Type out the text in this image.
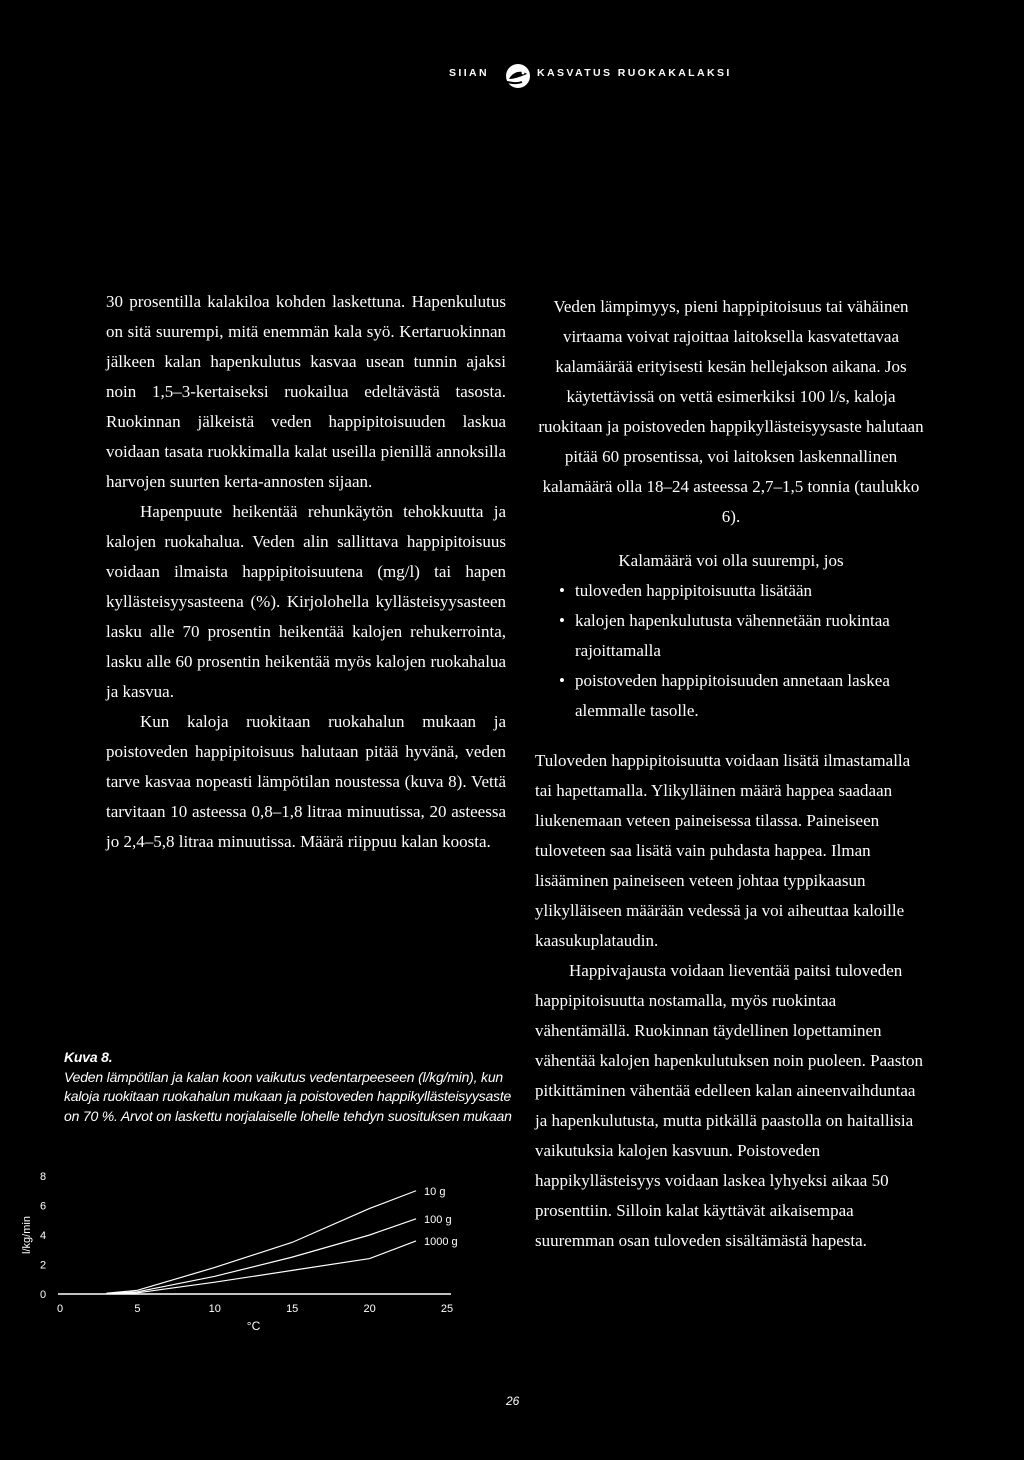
SIIAN	KASVATUS RUOKAKALAKSI

30 prosentilla kalakiloa kohden laskettuna. Hapenkulutus on sitä suurempi, mitä enemmän kala syö. Kertaruokinnan jälkeen kalan hapenkulutus kasvaa usean tunnin ajaksi noin 1,5–3-kertaiseksi ruokailua edeltävästä tasosta. Ruokinnan jälkeistä veden happipitoisuuden laskua voidaan tasata ruokkimalla kalat useilla pienillä annoksilla harvojen suurten kerta-annosten sijaan.

Hapenpuute heikentää rehunkäytön tehokkuutta ja kalojen ruokahalua. Veden alin sallittava happipitoisuus voidaan ilmaista happipitoisuutena (mg/l) tai hapen kyllästeisyysasteena (%). Kirjolohella kyllästeisyysasteen lasku alle 70 prosentin heikentää kalojen rehukerrointa, lasku alle 60 prosentin heikentää myös kalojen ruokahalua ja kasvua.

Kun kaloja ruokitaan ruokahalun mukaan ja poistoveden happipitoisuus halutaan pitää hyvänä, veden tarve kasvaa nopeasti lämpötilan noustessa (kuva 8). Vettä tarvitaan 10 asteessa 0,8–1,8 litraa minuutissa, 20 asteessa jo 2,4–5,8 litraa minuutissa. Määrä riippuu kalan koosta.

Veden lämpimyys, pieni happipitoisuus tai vähäinen virtaama voivat rajoittaa laitoksella kasvatettavaa kalamäärää erityisesti kesän hellejakson aikana. Jos käytettävissä on vettä esimerkiksi 100 l/s, kaloja ruokitaan ja poistoveden happikyllästeisyysaste halutaan pitää 60 prosentissa, voi laitoksen laskennallinen kalamäärä olla 18–24 asteessa 2,7–1,5 tonnia (taulukko 6).

Kalamäärä voi olla suurempi, jos

• tuloveden happipitoisuutta lisätään
• kalojen hapenkulutusta vähennetään ruokintaa rajoittamalla
• poistoveden happipitoisuuden annetaan laskea alemmalle tasolle.

Tuloveden happipitoisuutta voidaan lisätä ilmastamalla tai hapettamalla. Ylikylläinen määrä happea saadaan liukenemaan veteen paineisessa tilassa. Paineiseen tuloveteen saa lisätä vain puhdasta happea. Ilman lisääminen paineiseen veteen johtaa typpikaasun ylikylläiseen määrään vedessä ja voi aiheuttaa kaloille kaasukuplataudin.

Happivajausta voidaan lieventää paitsi tuloveden happipitoisuutta nostamalla, myös ruokintaa vähentämällä. Ruokinnan täydellinen lopettaminen vähentää kalojen hapenkulutuksen noin puoleen. Paaston pitkittäminen vähentää edelleen kalan aineenvaihduntaa ja hapenkulutusta, mutta pitkällä paastolla on haitallisia vaikutuksia kalojen kasvuun. Poistoveden happikyllästeisyys voidaan laskea lyhyeksi aikaa 50 prosenttiin. Silloin kalat käyttävät aikaisempaa suuremman osan tuloveden sisältämästä hapesta.

Kuva 8.
Veden lämpötilan ja kalan koon vaikutus vedentarpeeseen (l/kg/min), kun kaloja ruokitaan ruokahalun mukaan ja poistoveden happikyllästeisyysaste on 70 %. Arvot on laskettu norjalaiselle lohelle tehdyn suosituksen mukaan
0	5	10	15	20	25
0
2
4
6
8
°C
l/kg/min
10 g
100 g
1000 g
26
